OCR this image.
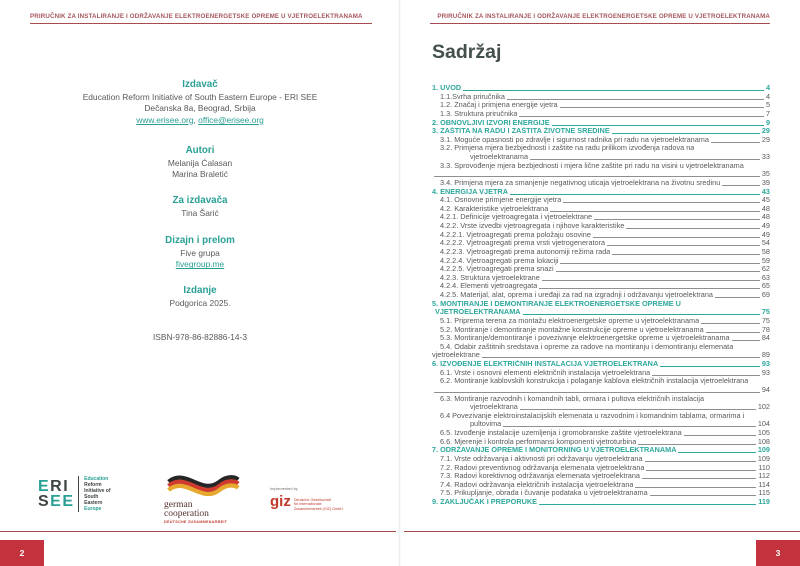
PRIRUČNIK ZA INSTALIRANJE I ODRŽAVANJE ELEKTROENERGETSKE OPREME U VJETROELEKTRANAMA	PRIRUČNIK ZA INSTALIRANJE I ODRŽAVANJE ELEKTROENERGETSKE OPREME U VJETROELEKTRANAMA
Izdavač
Education Reform Initiative of South Eastern Europe - ERI SEE
Dečanska 8a, Beograd, Srbija
www.erisee.org, office@erisee.org
Autori
Melanija Ćalasan
Marina Braletić
Za izdavača
Tina Šarić
Dizajn i prelom
Five grupa
fivegroup.me
Izdanje
Podgorica 2025.
ISBN-978-86-82886-14-3
ERI
SEE
Education
Reform
Initiative of
South
Eastern
Europe	german
cooperation
DEUTSCHE ZUSAMMENARBEIT
Implemented by
giz Deutsche Gesellschaft
für Internationale
Zusammenarbeit (GIZ) GmbH
Sadržaj
1. UVOD	4
1.1.Svrha priručnika	4
1.2. Značaj i primjena energije vjetra	5
1.3. Struktura priručnika	7
2. OBNOVLJIVI IZVORI ENERGIJE	9
3. ZAŠTITA NA RADU I ZAŠTITA ŽIVOTNE SREDINE	29
3.1. Moguće opasnosti po zdravlje i sigurnost radnika pri radu na vjetroelektranama	29
3.2. Primjena mjera bezbjednosti i zaštite na radu prilikom izvođenja radova na
vjetroelektranama	33
3.3. Sprovođenje mjera bezbjednosti i mjera lične zaštite pri radu na visini u vjetroelektranama
35
3.4. Primjena mjera za smanjenje negativnog uticaja vjetroelektrana na životnu sredinu	39
4. ENERGIJA VJETRA	43
4.1. Osnovne primjene energije vjetra	45
4.2. Karakteristike vjetroelektrana	48
4.2.1. Definicije vjetroagregata i vjetroelektrane	48
4.2.2. Vrste izvedbi vjetroagregata i njihove karakteristike	49
4.2.2.1. Vjetroagregati prema položaju osovine	49
4.2.2.2. Vjetroagregati prema vrsti vjetrogeneratora	54
4.2.2.3. Vjetroagregati prema autonomiji režima rada	58
4.2.2.4. Vjetroagregati prema lokaciji	59
4.2.2.5. Vjetroagregati prema snazi	62
4.2.3. Struktura vjetroelektrane	63
4.2.4. Elementi vjetroagregata	65
4.2.5. Materijal, alat, oprema i uređaji za rad na izgradnji i održavanju vjetroelektrana	69
5. MONTIRANJE I DEMONTIRANJE ELEKTROENERGETSKE OPREME U
VJETROELEKTRANAMA	75
5.1. Priprema terena za montažu elektroenergetske opreme u vjetroelektranama	75
5.2. Montiranje i demontiranje montažne konstrukcije opreme u vjetroelektranama	78
5.3. Montiranje/demontiranje i povezivanje elektroenergetske opreme u vjetroelektranama	84
5.4. Odabir zaštitnih sredstava i opreme za radove na montiranju i demontiranju elemenata
vjetroelektrane	89
6. IZVOĐENJE ELEKTRIČNIH INSTALACIJA VJETROELEKTRANA	93
6.1. Vrste i osnovni elementi električnih instalacija vjetroelektrana	93
6.2. Montiranje kablovskih konstrukcija i polaganje kablova električnih instalacija vjetroelektrana
94
6.3. Montiranje razvodnih i komandnih tabli, ormara i pultova električnih instalacija
vjetroelektrana	102
6.4 Povezivanje elektroinstalacijskih elemenata u razvodnim i komandnim tablama, ormarima i
pultovima	104
6.5. Izvođenje instalacije uzemljenja i gromobranske zaštite vjetroelektrana	105
6.6. Mjerenje i kontrola performansi komponenti vjetroturbina	108
7. ODRŽAVANJE OPREME I MONITORNING U VJETROELEKTRANAMA	109
7.1. Vrste održavanja i aktivnosti pri održavanju vjetroelektrana	109
7.2. Radovi preventivnog održavanja elemenata vjetroelektrana	110
7.3. Radovi korektivnog održavanja elemenata vjetroelektrana	112
7.4. Radovi održavanja električnih instalacija vjetroelektrana	114
7.5. Prikupljanje, obrada i čuvanje podataka u vjetroelektranama	115
9. ZAKLJUČAK I PREPORUKE	119
2	3
